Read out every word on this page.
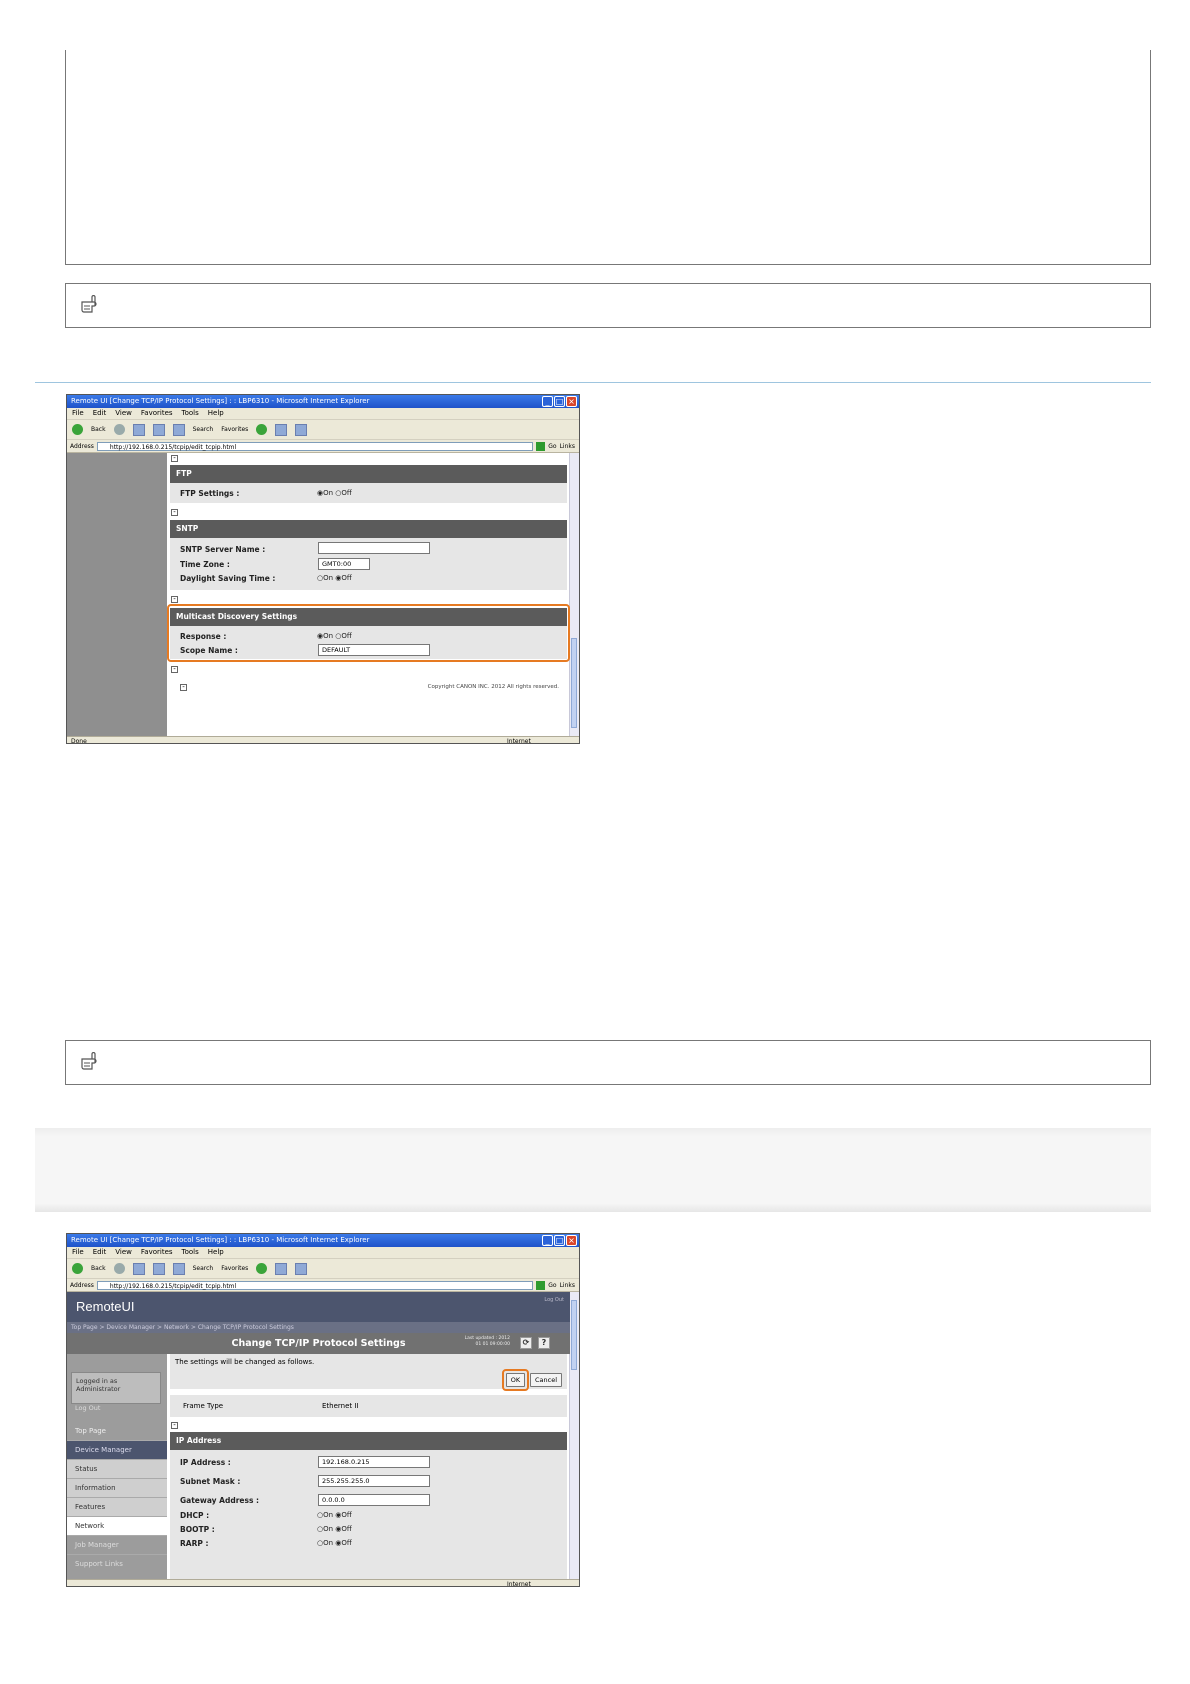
Remote UI [Change TCP/IP Protocol Settings] : : LBP6310 - Microsoft Internet Explorer	_ □ ×
File Edit View Favorites Tools Help
Back	Search Favorites
Address	http://192.168.0.215/tcpip/edit_tcpip.html	Go Links
-
FTP
FTP Settings :	◉On ○Off
-
SNTP
SNTP Server Name :
Time Zone :	GMT0:00
Daylight Saving Time :	○On ◉Off
-
Multicast Discovery Settings
Response :	◉On ○Off
Scope Name :	DEFAULT
-
-	Copyright CANON INC. 2012 All rights reserved.
Done	Internet
Remote UI [Change TCP/IP Protocol Settings] : : LBP6310 - Microsoft Internet Explorer	_ □ ×
File Edit View Favorites Tools Help
Back	Search Favorites
Address	http://192.168.0.215/tcpip/edit_tcpip.html	Go Links
RemoteUI	Log Out
Top Page > Device Manager > Network > Change TCP/IP Protocol Settings
Change TCP/IP Protocol Settings	Last updated : 2012 01 01 09:00:00	⟳	?
Logged in as Administrator
Log Out
Top Page
Device Manager
Status
Information
Features
Network
Job Manager
Support Links
The settings will be changed as follows.
OK	Cancel
Frame Type	Ethernet II
-
IP Address
IP Address :	192.168.0.215
Subnet Mask :	255.255.255.0
Gateway Address :	0.0.0.0
DHCP :	○On ◉Off
BOOTP :	○On ◉Off
RARP :	○On ◉Off
Internet
